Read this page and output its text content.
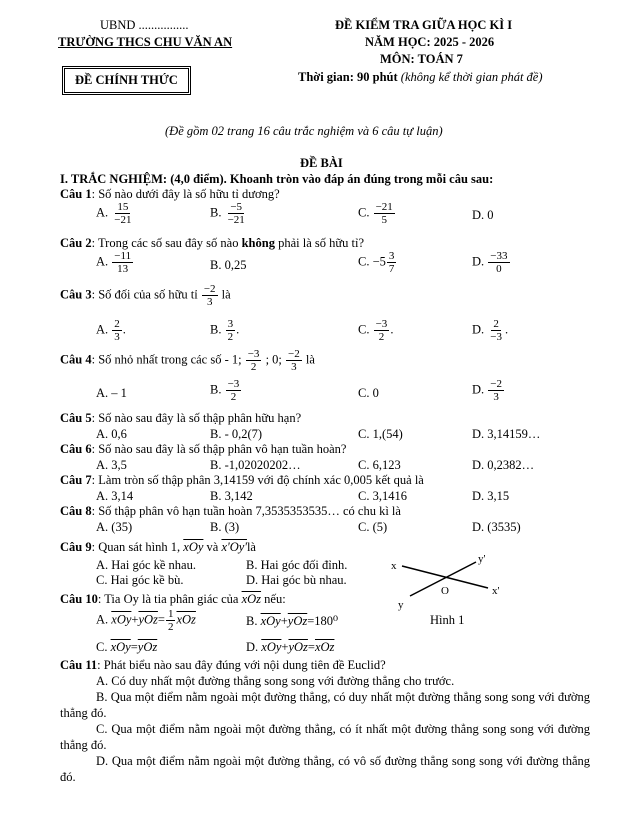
UBND ................
TRƯỜNG THCS CHU VĂN AN
ĐỀ CHÍNH THỨC
ĐỀ KIỂM TRA GIỮA HỌC KÌ I
NĂM HỌC: 2025 - 2026
MÔN: TOÁN 7
Thời gian: 90 phút (không kể thời gian phát đề)
(Đề gồm 02 trang 16 câu trắc nghiệm và 6 câu tự luận)
ĐỀ BÀI
I. TRẮC NGHIỆM: (4,0 điểm). Khoanh tròn vào đáp án đúng trong mỗi câu sau:
Câu 1: Số nào dưới đây là số hữu tỉ dương?
A. $\frac{15}{-21}$	B. $\frac{-5}{-21}$	C. $\frac{-21}{5}$	D. 0
Câu 2: Trong các số sau đây số nào không phải là số hữu tỉ?
A. $\frac{-11}{13}$	B. 0,25	C. $-5 \frac{3}{7}$	D. $\frac{-33}{0}$
Câu 3: Số đối của số hữu tỉ $\frac{-2}{3}$ là
A. $\frac{2}{3}$ .	B. $\frac{3}{2}$ .	C. $\frac{-3}{2}$ .	D. $\frac{2}{-3}$ .
Câu 4: Số nhỏ nhất trong các số - 1; $\frac{-3}{2}$ ; 0; $\frac{-2}{3}$ là
A. – 1	B. $\frac{-3}{2}$	C. 0	D. $\frac{-2}{3}$
Câu 5: Số nào sau đây là số thập phân hữu hạn?
A. 0,6	B. - 0,2(7)	C. 1,(54)	D. 3,14159…
Câu 6: Số nào sau đây là số thập phân vô hạn tuần hoàn?
A. 3,5	B. -1,02020202…	C. 6,123	D. 0,2382…
Câu 7: Làm tròn số thập phân 3,14159 với độ chính xác 0,005 kết quả là
A. 3,14	B. 3,142	C. 3,1416	D. 3,15
Câu 8: Số thập phân vô hạn tuần hoàn 7,3535353535… có chu kì là
A. (35)	B. (3)	C. (5)	D. (3535)
Câu 9: Quan sát hình 1, $\overline{xOy}$ và x'Oy'là
A. Hai góc kề nhau.	B. Hai góc đối đỉnh.
C. Hai góc kề bù.	D. Hai góc bù nhau.
x
y'
O	x'
y
Hình 1
Câu 10: Tia Oy là tia phân giác của $\overline{xOz}$ nếu:
A. $\overline{xOy}+\overline{yOz}= \frac{1}{2} \overline{xOz}$	B. $\overline{xOy}+\overline{yOz}=180^0$
C. $\overline{xOy}=\overline{yOz}$	D. $\overline{xOy}+\overline{yOz}=\overline{xOz}$
Câu 11: Phát biểu nào sau đây đúng với nội dung tiên đề Euclid?
A. Có duy nhất một đường thẳng song song với đường thẳng cho trước.
B. Qua một điểm nằm ngoài một đường thẳng, có duy nhất một đường thẳng song song với đường thẳng đó.
C. Qua một điểm nằm ngoài một đường thẳng, có ít nhất một đường thẳng song song với đường thẳng đó.
D. Qua một điểm nằm ngoài một đường thẳng, có vô số đường thẳng song song với đường thẳng đó.
